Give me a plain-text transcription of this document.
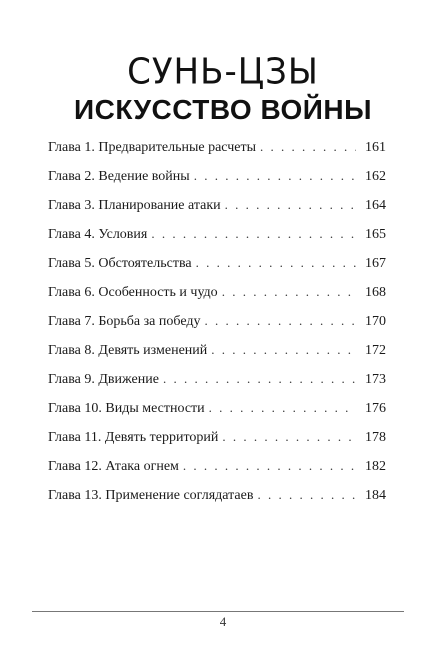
СУНЬ-ЦЗЫ
ИСКУССТВО ВОЙНЫ
Глава 1. Предварительные расчеты . . .	161
Глава 2. Ведение войны . . .	162
Глава 3. Планирование атаки . . .	164
Глава 4. Условия . . .	165
Глава 5. Обстоятельства . . .	167
Глава 6. Особенность и чудо . . .	168
Глава 7. Борьба за победу . . .	170
Глава 8. Девять изменений . . .	172
Глава 9. Движение . . .	173
Глава 10. Виды местности . . .	176
Глава 11. Девять территорий . . .	178
Глава 12. Атака огнем . . .	182
Глава 13. Применение соглядатаев . . .	184
4
